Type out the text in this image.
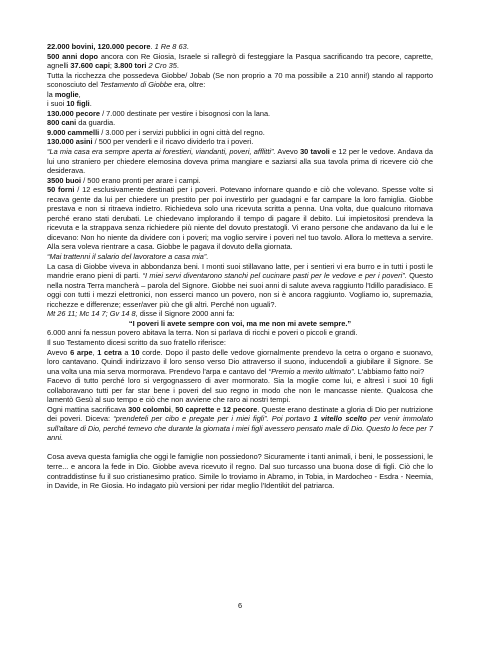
22.000 bovini, 120.000 pecore. 1 Re 8 63.

500 anni dopo ancora con Re Giosia, Israele si rallegrò di festeggiare la Pasqua sacrificando tra pecore, caprette, agnelli 37.600 capi; 3.800 tori 2 Cro 35.

Tutta la ricchezza che possedeva Giobbe/ Jobab (Se non proprio a 70 ma possibile a 210 anni!) stando al rapporto sconosciuto del Testamento di Giobbe era, oltre:

la moglie,

i suoi 10 figli.

130.000 pecore / 7.000 destinate per vestire i bisognosi con la lana.

800 cani da guardia.

9.000 cammelli / 3.000 per i servizi pubblici in ogni città del regno.

130.000 asini / 500 per venderli e il ricavo dividerlo tra i poveri.

“La mia casa era sempre aperta ai forestieri, viandanti, poveri, afflitti”. Avevo 30 tavoli e 12 per le vedove. Andava da lui uno straniero per chiedere elemosina doveva prima mangiare e saziarsi alla sua tavola prima di ricevere ciò che desiderava.

3500 buoi / 500 erano pronti per arare i campi.

50 forni / 12 esclusivamente destinati per i poveri. Potevano infornare quando e ciò che volevano. Spesse volte si recava gente da lui per chiedere un prestito per poi investirlo per guadagni e far campare la loro famiglia. Giobbe prestava e non si ritraeva indietro. Richiedeva solo una ricevuta scritta a penna. Una volta, due qualcuno ritornava perché erano stati derubati. Le chiedevano implorando il tempo di pagare il debito. Lui impietositosi prendeva la ricevuta e la strappava senza richiedere più niente del dovuto prestatogli. Vi erano persone che andavano da lui e le dicevano: Non ho niente da dividere con i poveri; ma voglio servire i poveri nel tuo tavolo. Allora lo metteva a servire. Alla sera voleva rientrare a casa. Giobbe le pagava il dovuto della giornata.

“Mai trattenni il salario del lavoratore a casa mia”.

La casa di Giobbe viveva in abbondanza beni. I monti suoi stillavano latte, per i sentieri vi era burro e in tutti i posti le mandrie erano pieni di parti. “I miei servi diventarono stanchi pel cucinare pasti per le vedove e per i poveri”. Questo nella nostra Terra mancherà – parola del Signore. Giobbe nei suoi anni di salute aveva raggiunto l'Idillo paradisiaco. E oggi con tutti i mezzi elettronici, non esserci manco un povero, non si è ancora raggiunto. Vogliamo io, supremazia, ricchezze e differenze; esser/aver più che gli altri. Perché non uguali?.

Mt 26 11; Mc 14 7; Gv 14 8, disse il Signore 2000 anni fa:

“I poveri li avete sempre con voi, ma me non mi avete sempre.”

6.000 anni fa nessun povero abitava la terra. Non si parlava di ricchi e poveri o piccoli e grandi.

Il suo Testamento dicesi scritto da suo fratello riferisce:

Avevo 6 arpe, 1 cetra a 10 corde. Dopo il pasto delle vedove giornalmente prendevo la cetra o organo e suonavo, loro cantavano. Quindi indirizzavo il loro senso verso Dio attraverso il suono, inducendoli a giubilare il Signore. Se una volta una mia serva mormorava. Prendevo l'arpa e cantavo del “Premio a merito ultimato”. L'abbiamo fatto noi?

Facevo di tutto perché loro si vergognassero di aver mormorato. Sia la moglie come lui, e altresì i suoi 10 figli collaboravano tutti per far star bene i poveri del suo regno in modo che non le mancasse niente. Qualcosa che lamentò Gesù al suo tempo e ciò che non avviene che raro ai nostri tempi.

Ogni mattina sacrificava 300 colombi, 50 caprette e 12 pecore. Queste erano destinate a gloria di Dio per nutrizione dei poveri. Diceva: “prendeteli per cibo e pregate per i miei figli”. Poi portavo 1 vitello scelto per venir immolato sull'altare di Dio, perché temevo che durante la giornata i miei figli avessero pensato male di Dio. Questo lo fece per 7 anni.

Cosa aveva questa famiglia che oggi le famiglie non possiedono? Sicuramente i tanti animali, i beni, le possessioni, le terre... e ancora la fede in Dio. Giobbe aveva ricevuto il regno. Dal suo turcasso una buona dose di figli. Ciò che lo contraddistinse fu il suo cristianesimo pratico. Simile lo troviamo in Abramo, in Tobia, in Mardocheo - Esdra - Neemia, in Davide, in Re Giosia. Ho indagato più versioni per ridar meglio l'Identikit del patriarca.

6
